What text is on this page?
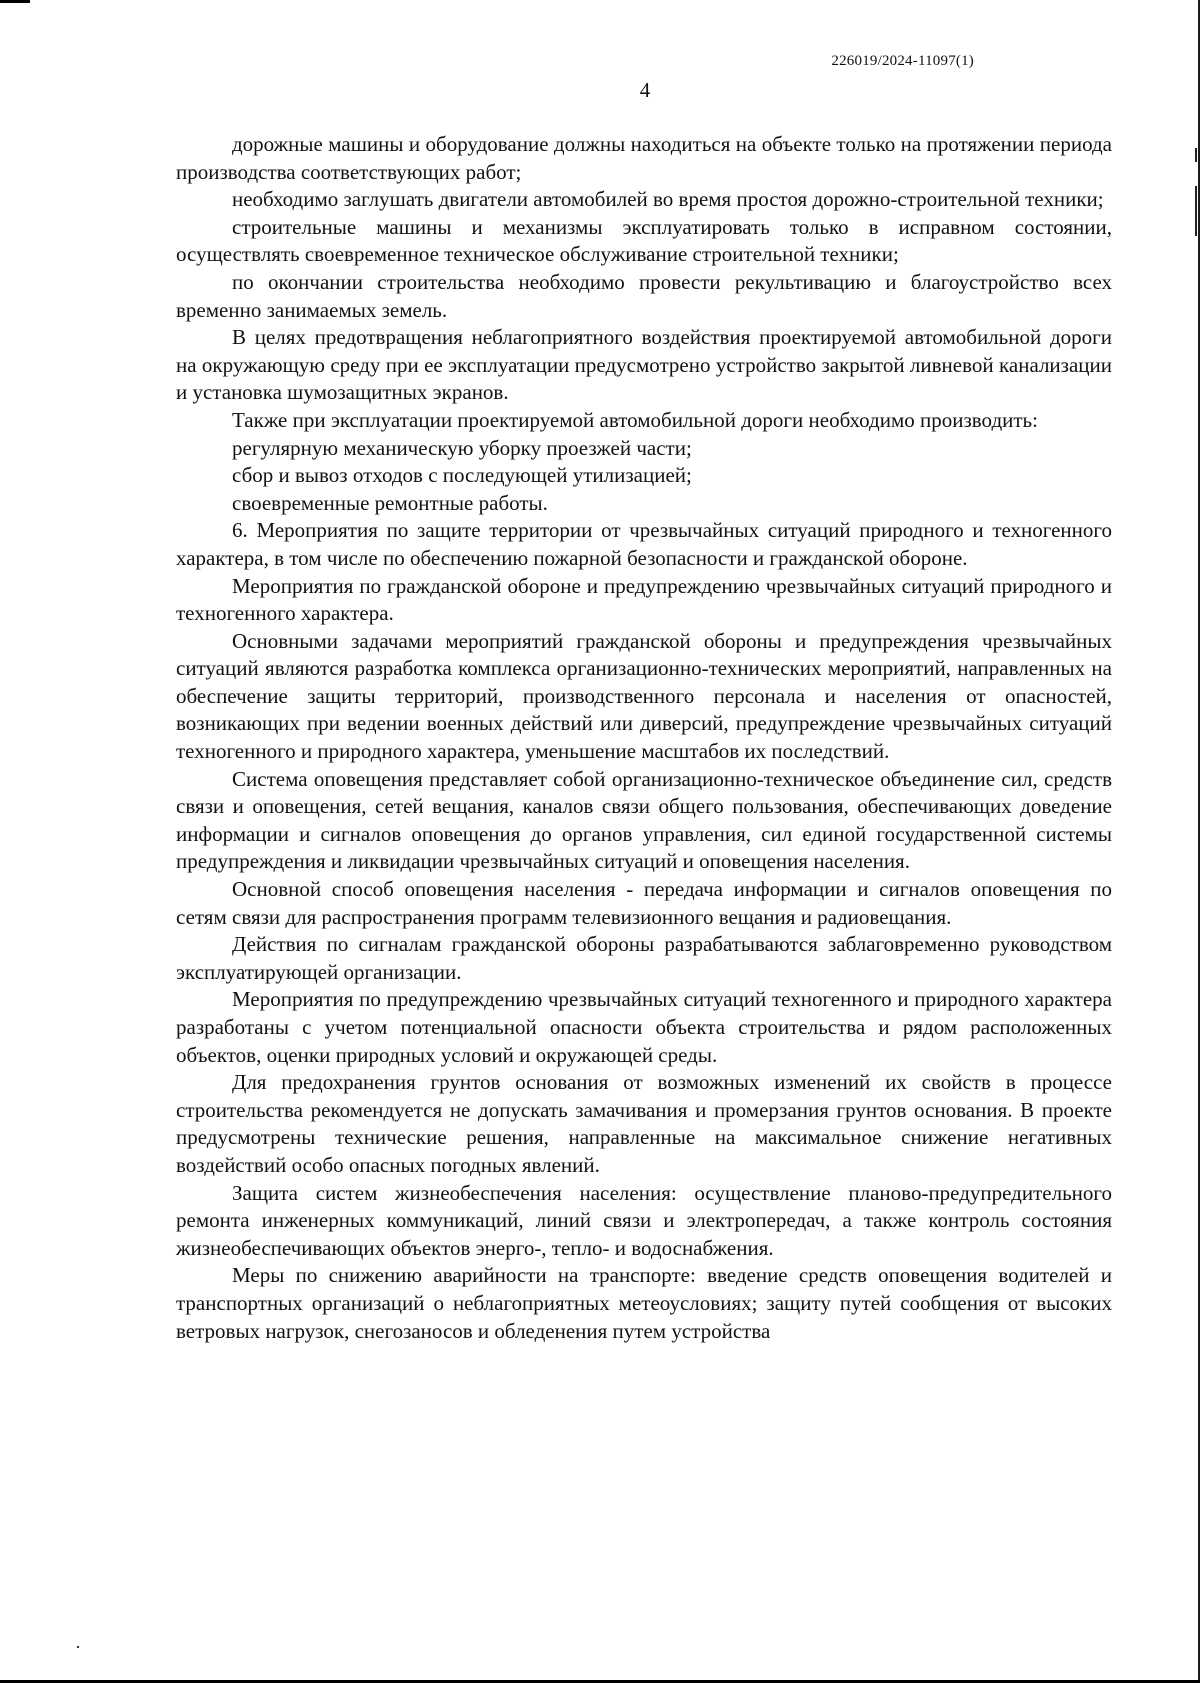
226019/2024-11097(1)
4

дорожные машины и оборудование должны находиться на объекте только на протяжении периода производства соответствующих работ;

необходимо заглушать двигатели автомобилей во время простоя дорожно-строительной техники;

строительные машины и механизмы эксплуатировать только в исправном состоянии, осуществлять своевременное техническое обслуживание строительной техники;

по окончании строительства необходимо провести рекультивацию и благоустройство всех временно занимаемых земель.

В целях предотвращения неблагоприятного воздействия проектируемой автомобильной дороги на окружающую среду при ее эксплуатации предусмотрено устройство закрытой ливневой канализации и установка шумозащитных экранов.

Также при эксплуатации проектируемой автомобильной дороги необходимо производить:

регулярную механическую уборку проезжей части;

сбор и вывоз отходов с последующей утилизацией;

своевременные ремонтные работы.

6. Мероприятия по защите территории от чрезвычайных ситуаций природного и техногенного характера, в том числе по обеспечению пожарной безопасности и гражданской обороне.

Мероприятия по гражданской обороне и предупреждению чрезвычайных ситуаций природного и техногенного характера.

Основными задачами мероприятий гражданской обороны и предупреждения чрезвычайных ситуаций являются разработка комплекса организационно-технических мероприятий, направленных на обеспечение защиты территорий, производственного персонала и населения от опасностей, возникающих при ведении военных действий или диверсий, предупреждение чрезвычайных ситуаций техногенного и природного характера, уменьшение масштабов их последствий.

Система оповещения представляет собой организационно-техническое объединение сил, средств связи и оповещения, сетей вещания, каналов связи общего пользования, обеспечивающих доведение информации и сигналов оповещения до органов управления, сил единой государственной системы предупреждения и ликвидации чрезвычайных ситуаций и оповещения населения.

Основной способ оповещения населения - передача информации и сигналов оповещения по сетям связи для распространения программ телевизионного вещания и радиовещания.

Действия по сигналам гражданской обороны разрабатываются заблаговременно руководством эксплуатирующей организации.

Мероприятия по предупреждению чрезвычайных ситуаций техногенного и природного характера разработаны с учетом потенциальной опасности объекта строительства и рядом расположенных объектов, оценки природных условий и окружающей среды.

Для предохранения грунтов основания от возможных изменений их свойств в процессе строительства рекомендуется не допускать замачивания и промерзания грунтов основания. В проекте предусмотрены технические решения, направленные на максимальное снижение негативных воздействий особо опасных погодных явлений.

Защита систем жизнеобеспечения населения: осуществление планово-предупредительного ремонта инженерных коммуникаций, линий связи и электропередач, а также контроль состояния жизнеобеспечивающих объектов энерго-, тепло- и водоснабжения.

Меры по снижению аварийности на транспорте: введение средств оповещения водителей и транспортных организаций о неблагоприятных метеоусловиях; защиту путей сообщения от высоких ветровых нагрузок, снегозаносов и обледенения путем устройства
